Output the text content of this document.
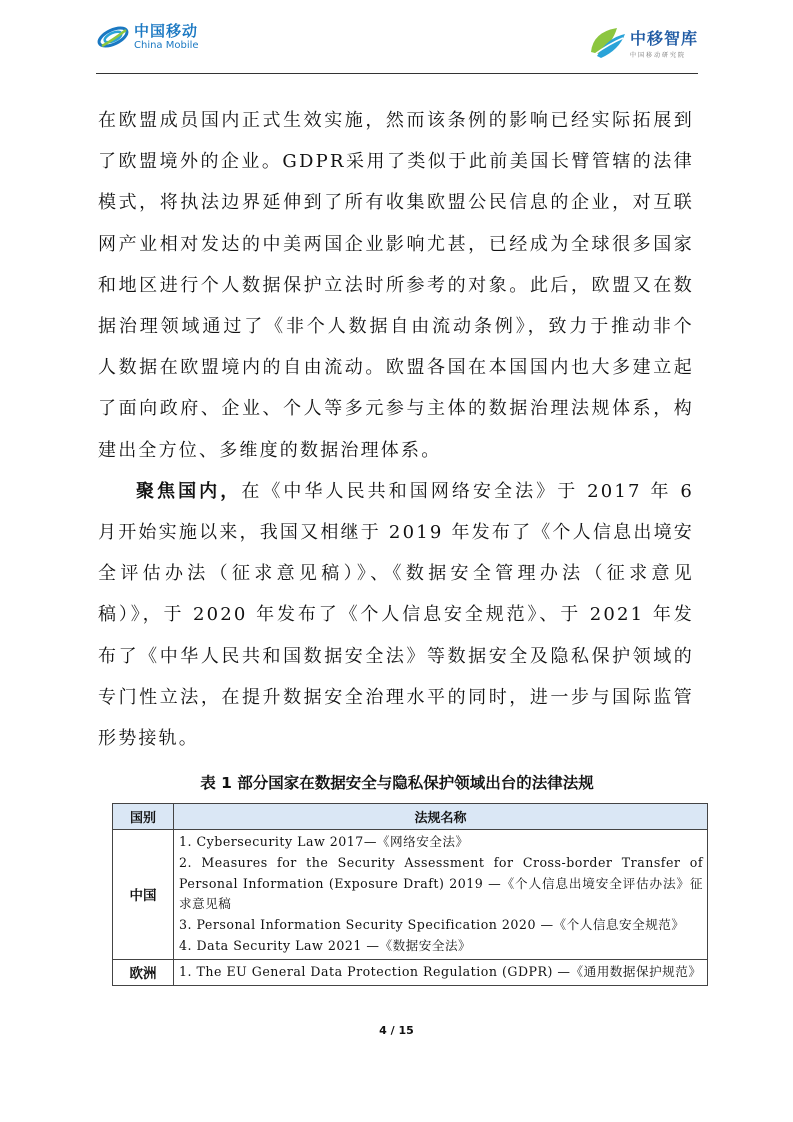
中国移动
China Mobile	中移智库
中国移动研究院

在欧盟成员国内正式生效实施，然而该条例的影响已经实际拓展到了欧盟境外的企业。GDPR采用了类似于此前美国长臂管辖的法律模式，将执法边界延伸到了所有收集欧盟公民信息的企业，对互联网产业相对发达的中美两国企业影响尤甚，已经成为全球很多国家和地区进行个人数据保护立法时所参考的对象。此后，欧盟又在数据治理领域通过了《非个人数据自由流动条例》，致力于推动非个人数据在欧盟境内的自由流动。欧盟各国在本国国内也大多建立起了面向政府、企业、个人等多元参与主体的数据治理法规体系，构建出全方位、多维度的数据治理体系。

聚焦国内，在《中华人民共和国网络安全法》于 2017 年 6 月开始实施以来，我国又相继于 2019 年发布了《个人信息出境安全评估办法（征求意见稿）》、《数据安全管理办法（征求意见稿）》，于 2020 年发布了《个人信息安全规范》、于 2021 年发布了《中华人民共和国数据安全法》等数据安全及隐私保护领域的专门性立法，在提升数据安全治理水平的同时，进一步与国际监管形势接轨。

表 1 部分国家在数据安全与隐私保护领域出台的法律法规
国别	法规名称
中国	1. Cybersecurity Law 2017—《网络安全法》
2. Measures for the Security Assessment for Cross-border Transfer of Personal Information (Exposure Draft) 2019 —《个人信息出境安全评估办法》征求意见稿
3. Personal Information Security Specification 2020 —《个人信息安全规范》
4. Data Security Law 2021 —《数据安全法》

欧洲	1. The EU General Data Protection Regulation (GDPR) —《通用数据保护规范》
4 / 15
